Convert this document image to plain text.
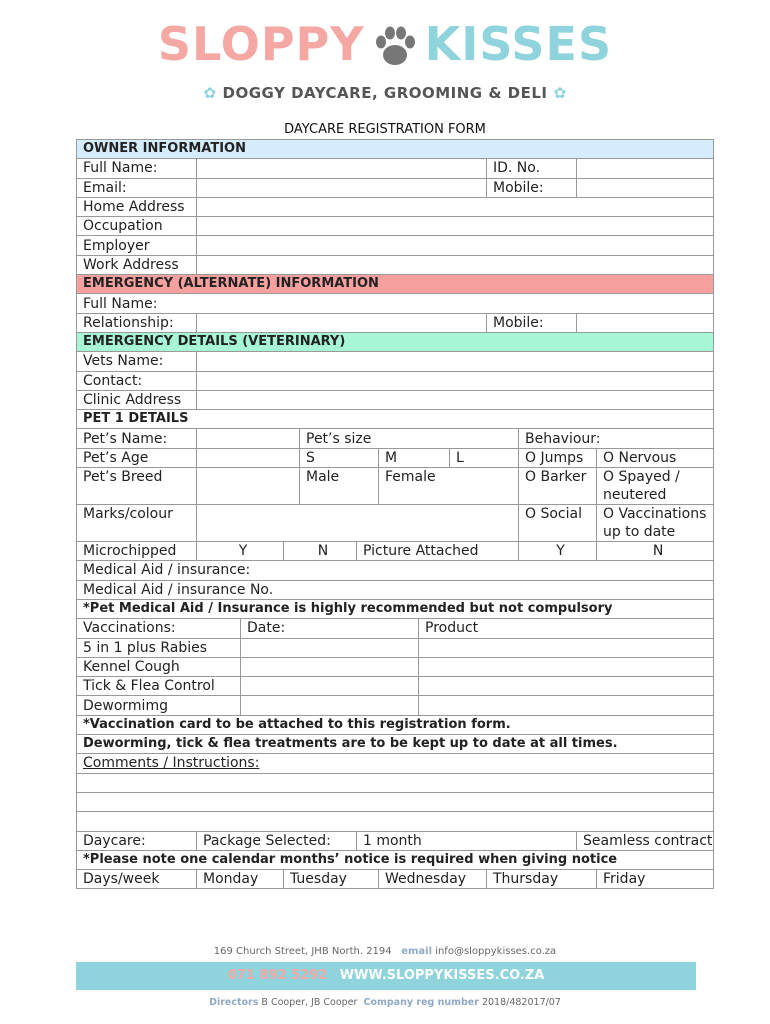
SLOPPY KISSES
✿ DOGGY DAYCARE, GROOMING & DELI ✿
DAYCARE REGISTRATION FORM
OWNER INFORMATION												
Full Name:									ID. No.			
Email:									Mobile:			
Home Address												
Occupation												
Employer												
Work Address												
EMERGENCY (ALTERNATE) INFORMATION												
Full Name:												
Relationship:									Mobile:			
EMERGENCY DETAILS (VETERINARY)												
Vets Name:												
Contact:												
Clinic Address												
PET 1 DETAILS												
Pet’s Name:				Pet’s size						Behaviour:		
Pet’s Age				S		M		L		O Jumps		O Nervous
Pet’s Breed				Male		Female				O Barker		O Spayed / neutered

Marks/colour										O Social		O Vaccinations up to date

Microchipped	Y		N		Picture Attached					Y		N
Medical Aid / insurance:												
Medical Aid / insurance No.												
*Pet Medical Aid / Insurance is highly recommended but not compulsory												
Vaccinations:		Date:					Product					
5 in 1 plus Rabies												
Kennel Cough												
Tick & Flea Control												
Dewormimg												
*Vaccination card to be attached to this registration form.												
Deworming, tick & flea treatments are to be kept up to date at all times.												
Comments / Instructions:												

Daycare:	Package Selected:				1 month						Seamless contract	
*Please note one calendar months’ notice is required when giving notice												
Days/week	Monday		Tuesday			Wednesday			Thursday			Friday
169 Church Street, JHB North. 2194 email info@sloppykisses.co.za
071 892 5292 WWW.SLOPPYKISSES.CO.ZA
Directors B Cooper, JB Cooper Company reg number 2018/482017/07
